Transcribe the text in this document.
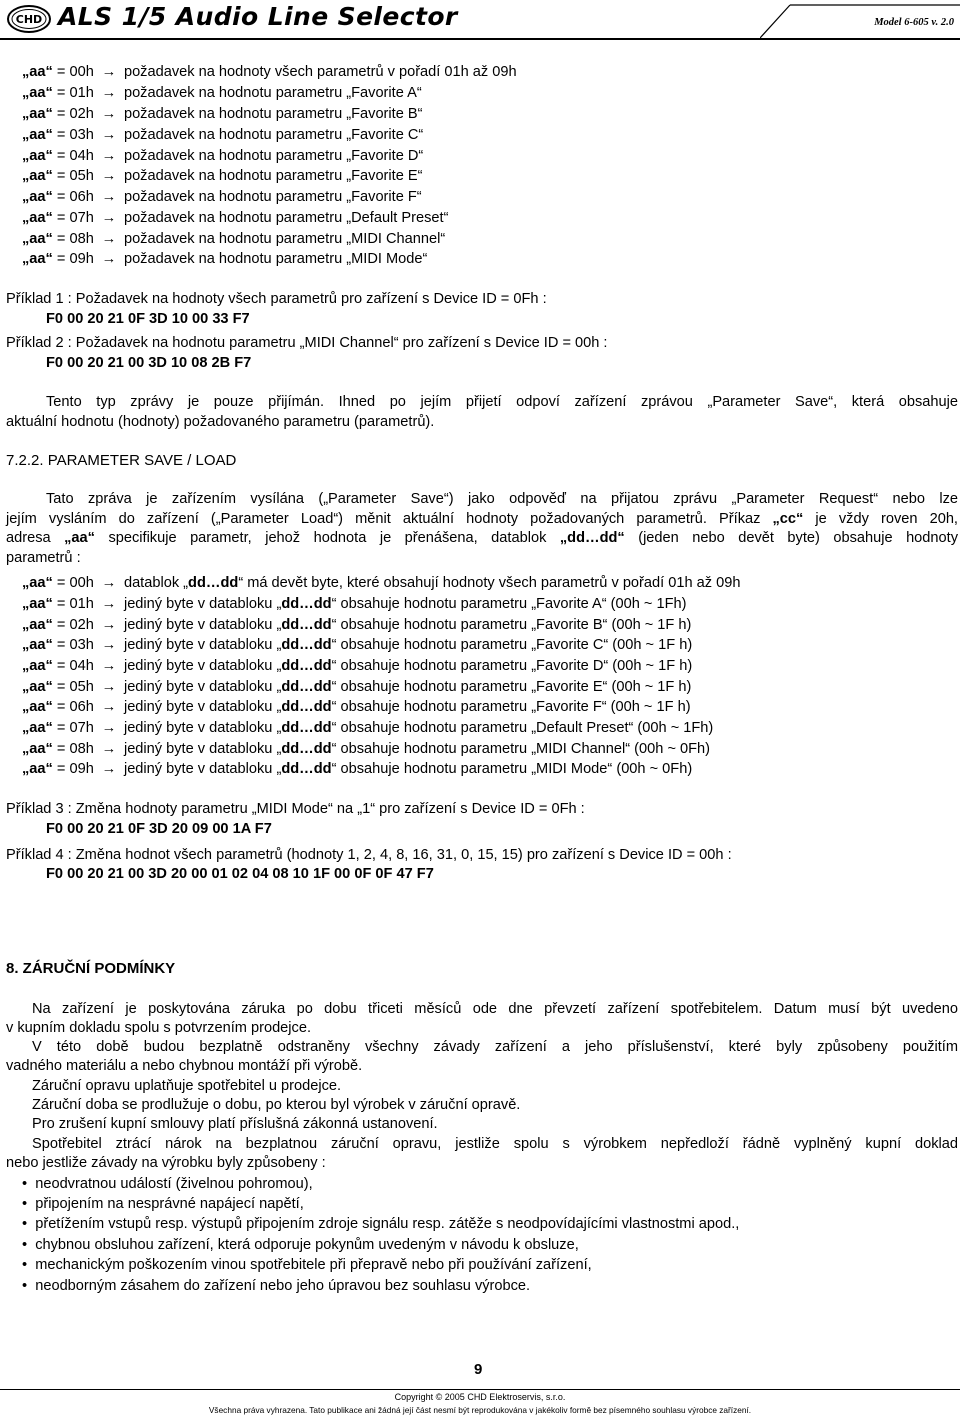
CHD ALS 1/5 Audio Line Selector	Model 6-605 v. 2.0
„aa“ = 00h → požadavek na hodnoty všech parametrů v pořadí 01h až 09h
„aa“ = 01h → požadavek na hodnotu parametru „Favorite A“
„aa“ = 02h → požadavek na hodnotu parametru „Favorite B“
„aa“ = 03h → požadavek na hodnotu parametru „Favorite C“
„aa“ = 04h → požadavek na hodnotu parametru „Favorite D“
„aa“ = 05h → požadavek na hodnotu parametru „Favorite E“
„aa“ = 06h → požadavek na hodnotu parametru „Favorite F“
„aa“ = 07h → požadavek na hodnotu parametru „Default Preset“
„aa“ = 08h → požadavek na hodnotu parametru „MIDI Channel“
„aa“ = 09h → požadavek na hodnotu parametru „MIDI Mode“
Příklad 1 : Požadavek na hodnoty všech parametrů pro zařízení s Device ID = 0Fh :
F0 00 20 21 0F 3D 10 00 33 F7
Příklad 2 : Požadavek na hodnotu parametru „MIDI Channel“ pro zařízení s Device ID = 00h :
F0 00 20 21 00 3D 10 08 2B F7
Tento typ zprávy je pouze přijímán. Ihned po jejím přijetí odpoví zařízení zprávou „Parameter Save“, která obsahuje
aktuální hodnotu (hodnoty) požadovaného parametru (parametrů).
7.2.2. PARAMETER SAVE / LOAD
Tato zpráva je zařízením vysílána („Parameter Save“) jako odpověď na přijatou zprávu „Parameter Request“ nebo lze
jejím vysláním do zařízení („Parameter Load“) měnit aktuální hodnoty požadovaných parametrů. Příkaz „cc“ je vždy roven 20h,
adresa „aa“ specifikuje parametr, jehož hodnota je přenášena, datablok „dd…dd“ (jeden nebo devět byte) obsahuje hodnoty
parametrů :
„aa“ = 00h → datablok „dd…dd“ má devět byte, které obsahují hodnoty všech parametrů v pořadí 01h až 09h
„aa“ = 01h → jediný byte v databloku „dd…dd“ obsahuje hodnotu parametru „Favorite A“ (00h ~ 1Fh)
„aa“ = 02h → jediný byte v databloku „dd…dd“ obsahuje hodnotu parametru „Favorite B“ (00h ~ 1F h)
„aa“ = 03h → jediný byte v databloku „dd…dd“ obsahuje hodnotu parametru „Favorite C“ (00h ~ 1F h)
„aa“ = 04h → jediný byte v databloku „dd…dd“ obsahuje hodnotu parametru „Favorite D“ (00h ~ 1F h)
„aa“ = 05h → jediný byte v databloku „dd…dd“ obsahuje hodnotu parametru „Favorite E“ (00h ~ 1F h)
„aa“ = 06h → jediný byte v databloku „dd…dd“ obsahuje hodnotu parametru „Favorite F“ (00h ~ 1F h)
„aa“ = 07h → jediný byte v databloku „dd…dd“ obsahuje hodnotu parametru „Default Preset“ (00h ~ 1Fh)
„aa“ = 08h → jediný byte v databloku „dd…dd“ obsahuje hodnotu parametru „MIDI Channel“ (00h ~ 0Fh)
„aa“ = 09h → jediný byte v databloku „dd…dd“ obsahuje hodnotu parametru „MIDI Mode“ (00h ~ 0Fh)
Příklad 3 : Změna hodnoty parametru „MIDI Mode“ na „1“ pro zařízení s Device ID = 0Fh :
F0 00 20 21 0F 3D 20 09 00 1A F7
Příklad 4 : Změna hodnot všech parametrů (hodnoty 1, 2, 4, 8, 16, 31, 0, 15, 15) pro zařízení s Device ID = 00h :
F0 00 20 21 00 3D 20 00 01 02 04 08 10 1F 00 0F 0F 47 F7
8. ZÁRUČNÍ PODMÍNKY
Na zařízení je poskytována záruka po dobu třiceti měsíců ode dne převzetí zařízení spotřebitelem. Datum musí být uvedeno
v kupním dokladu spolu s potvrzením prodejce.
V této době budou bezplatně odstraněny všechny závady zařízení a jeho příslušenství, které byly způsobeny použitím
vadného materiálu a nebo chybnou montáží při výrobě.
Záruční opravu uplatňuje spotřebitel u prodejce.
Záruční doba se prodlužuje o dobu, po kterou byl výrobek v záruční opravě.
Pro zrušení kupní smlouvy platí příslušná zákonná ustanovení.
Spotřebitel ztrácí nárok na bezplatnou záruční opravu, jestliže spolu s výrobkem nepředloží řádně vyplněný kupní doklad
nebo jestliže závady na výrobku byly způsobeny :
• neodvratnou událostí (živelnou pohromou),
• připojením na nesprávné napájecí napětí,
• přetížením vstupů resp. výstupů připojením zdroje signálu resp. zátěže s neodpovídajícími vlastnostmi apod.,
• chybnou obsluhou zařízení, která odporuje pokynům uvedeným v návodu k obsluze,
• mechanickým poškozením vinou spotřebitele při přepravě nebo při používání zařízení,
• neodborným zásahem do zařízení nebo jeho úpravou bez souhlasu výrobce.
9
Copyright © 2005 CHD Elektroservis, s.r.o.
Všechna práva vyhrazena. Tato publikace ani žádná její část nesmí být reprodukována v jakékoliv formě bez písemného souhlasu výrobce zařízení.
